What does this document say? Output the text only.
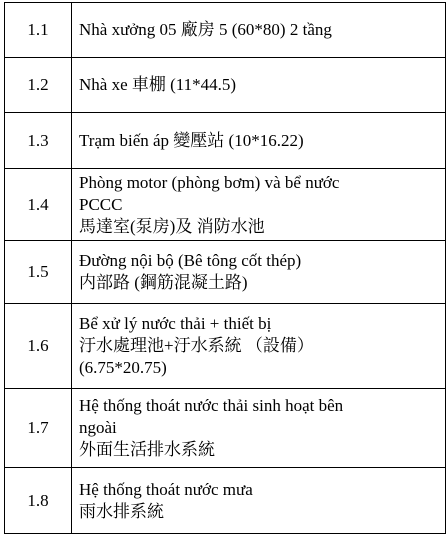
1.1	Nhà xưởng 05 廠房 5 (60*80) 2 tầng

1.2	Nhà xe 車棚 (11*44.5)

1.3	Trạm biến áp 變壓站 (10*16.22)

1.4	Phòng motor (phòng bơm) và bể nước
PCCC
馬達室(泵房)及 消防水池

1.5	Đường nội bộ (Bê tông cốt thép)
内部路 (鋼筋混凝土路)

1.6	Bể xử lý nước thải + thiết bị
汙水處理池+汙水系統 （設備）
(6.75*20.75)

1.7	Hệ thống thoát nước thải sinh hoạt bên
ngoài
外面生活排水系統

1.8	Hệ thống thoát nước mưa
雨水排系統
